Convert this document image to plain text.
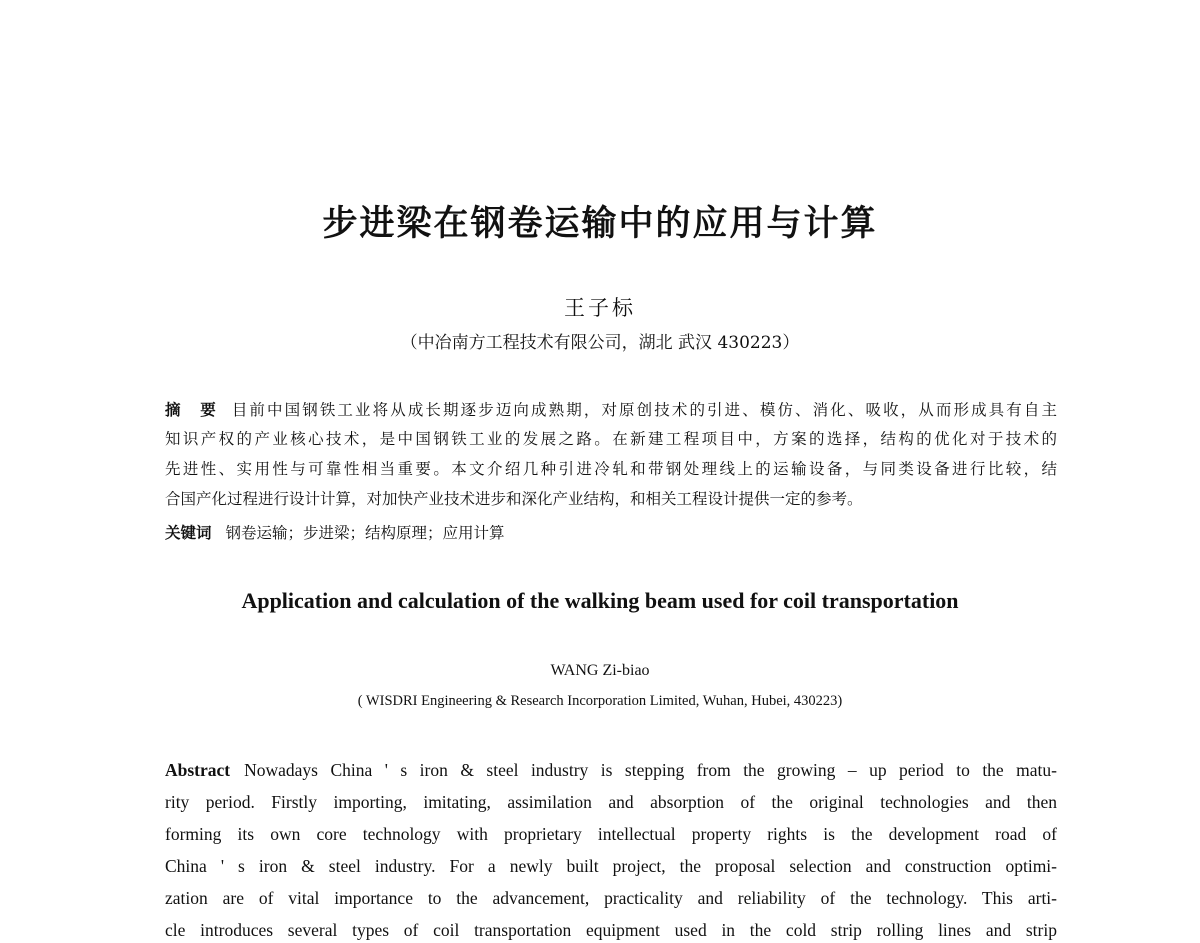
步进梁在钢卷运输中的应用与计算
王子标
（中冶南方工程技术有限公司，湖北 武汉 430223）
摘　要 目前中国钢铁工业将从成长期逐步迈向成熟期，对原创技术的引进、模仿、消化、吸收，从而形成具有自主
知识产权的产业核心技术，是中国钢铁工业的发展之路。在新建工程项目中，方案的选择，结构的优化对于技术的
先进性、实用性与可靠性相当重要。本文介绍几种引进冷轧和带钢处理线上的运输设备，与同类设备进行比较，结
合国产化过程进行设计计算，对加快产业技术进步和深化产业结构，和相关工程设计提供一定的参考。
关键词 钢卷运输；步进梁；结构原理；应用计算
Application and calculation of the walking beam used for coil transportation
WANG Zi-biao
( WISDRI Engineering & Research Incorporation Limited, Wuhan, Hubei, 430223)
Abstract Nowadays China ' s iron & steel industry is stepping from the growing – up period to the matu-
rity period. Firstly importing, imitating, assimilation and absorption of the original technologies and then
forming its own core technology with proprietary intellectual property rights is the development road of
China ' s iron & steel industry. For a newly built project, the proposal selection and construction optimi-
zation are of vital importance to the advancement, practicality and reliability of the technology. This arti-
cle introduces several types of coil transportation equipment used in the cold strip rolling lines and strip
